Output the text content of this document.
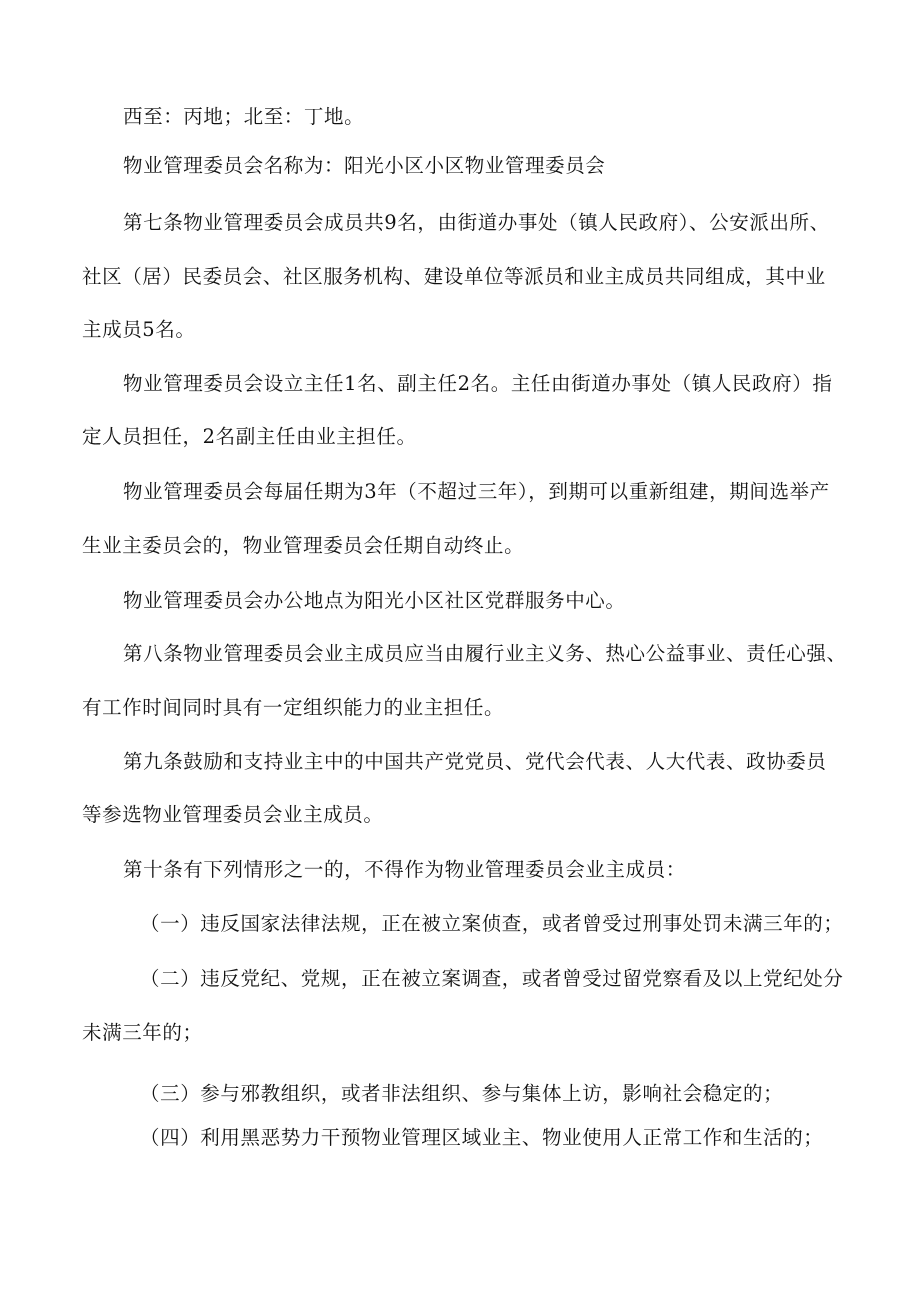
西至：丙地；北至：丁地。
物业管理委员会名称为：阳光小区小区物业管理委员会
第七条物业管理委员会成员共9名，由街道办事处（镇人民政府）、公安派出所、
社区（居）民委员会、社区服务机构、建设单位等派员和业主成员共同组成，其中业
主成员5名。
物业管理委员会设立主任1名、副主任2名。主任由街道办事处（镇人民政府）指
定人员担任，2名副主任由业主担任。
物业管理委员会每届任期为3年（不超过三年），到期可以重新组建，期间选举产
生业主委员会的，物业管理委员会任期自动终止。
物业管理委员会办公地点为阳光小区社区党群服务中心。
第八条物业管理委员会业主成员应当由履行业主义务、热心公益事业、责任心强、
有工作时间同时具有一定组织能力的业主担任。
第九条鼓励和支持业主中的中国共产党党员、党代会代表、人大代表、政协委员
等参选物业管理委员会业主成员。
第十条有下列情形之一的，不得作为物业管理委员会业主成员：
（一）违反国家法律法规，正在被立案侦查，或者曾受过刑事处罚未满三年的；
（二）违反党纪、党规，正在被立案调查，或者曾受过留党察看及以上党纪处分
未满三年的；
（三）参与邪教组织，或者非法组织、参与集体上访，影响社会稳定的；
（四）利用黑恶势力干预物业管理区域业主、物业使用人正常工作和生活的；
